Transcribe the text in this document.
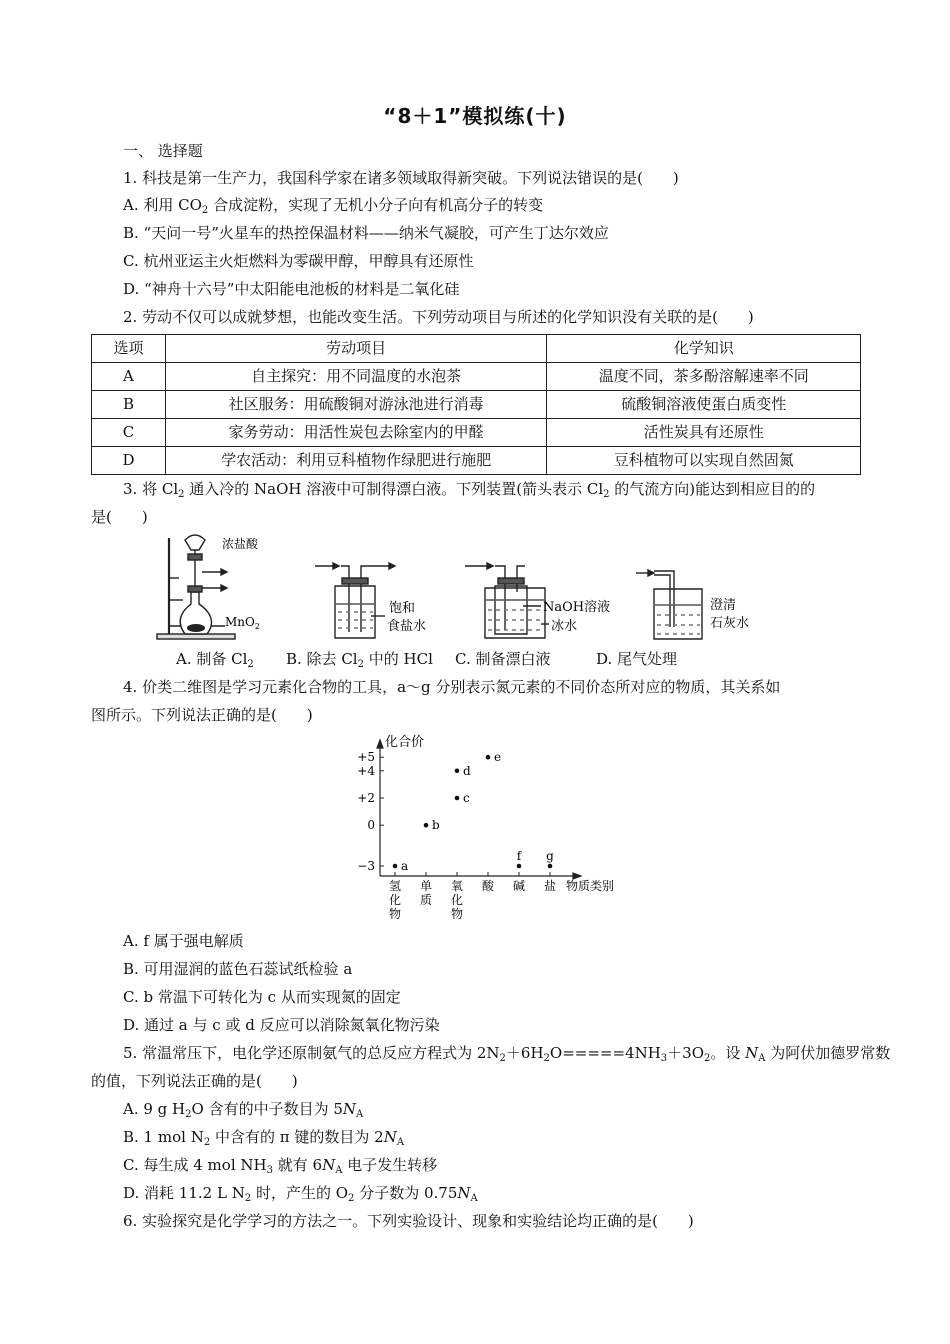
“8＋1”模拟练(十)
一、 选择题
1. 科技是第一生产力，我国科学家在诸多领域取得新突破。下列说法错误的是(　　)
A. 利用 $CO_2$ 合成淀粉，实现了无机小分子向有机高分子的转变
B. “天问一号”火星车的热控保温材料——纳米气凝胶，可产生丁达尔效应
C. 杭州亚运主火炬燃料为零碳甲醇，甲醇具有还原性
D. “神舟十六号”中太阳能电池板的材料是二氧化硅
2. 劳动不仅可以成就梦想，也能改变生活。下列劳动项目与所述的化学知识没有关联的是(　　)
选项	劳动项目	化学知识
A	自主探究：用不同温度的水泡茶	温度不同，茶多酚溶解速率不同
B	社区服务：用硫酸铜对游泳池进行消毒	硫酸铜溶液使蛋白质变性
C	家务劳动：用活性炭包去除室内的甲醛	活性炭具有还原性
D	学农活动：利用豆科植物作绿肥进行施肥	豆科植物可以实现自然固氮
3. 将 $Cl_2$ 通入冷的 NaOH 溶液中可制得漂白液。下列装置(箭头表示 $Cl_2$ 的气流方向)能达到相应目的的
是(　　)
浓盐酸
MnO$_2$
饱和
食盐水
NaOH溶液
冰水
澄清
石灰水
A. 制备 $Cl_2$ B. 除去 $Cl_2$ 中的 HCl C. 制备漂白液	D. 尾气处理
4. 价类二维图是学习元素化合物的工具，a～g 分别表示氮元素的不同价态所对应的物质，其关系如
图所示。下列说法正确的是(　　)
化合价
物质类别
+5
+4
+2
0
−3
氢化物
单质
氧化物
酸 碱 盐
a
b
c
d
e
f g
A. f 属于强电解质
B. 可用湿润的蓝色石蕊试纸检验 a
C. b 常温下可转化为 c 从而实现氮的固定
D. 通过 a 与 c 或 d 反应可以消除氮氧化物污染
5. 常温常压下，电化学还原制氨气的总反应方程式为 $2N_2+6H_2O=====4NH_3+3O_2$。设 $N_A$ 为阿伏加德罗常数
的值，下列说法正确的是(　　)
A. 9 g $H_2O$ 含有的中子数目为 $5N_A$
B. 1 mol $N_2$ 中含有的 π 键的数目为 $2N_A$
C. 每生成 4 mol $NH_3$ 就有 $6N_A$ 电子发生转移
D. 消耗 11.2 L $N_2$ 时，产生的 $O_2$ 分子数为 $0.75N_A$
6. 实验探究是化学学习的方法之一。下列实验设计、现象和实验结论均正确的是(　　)
